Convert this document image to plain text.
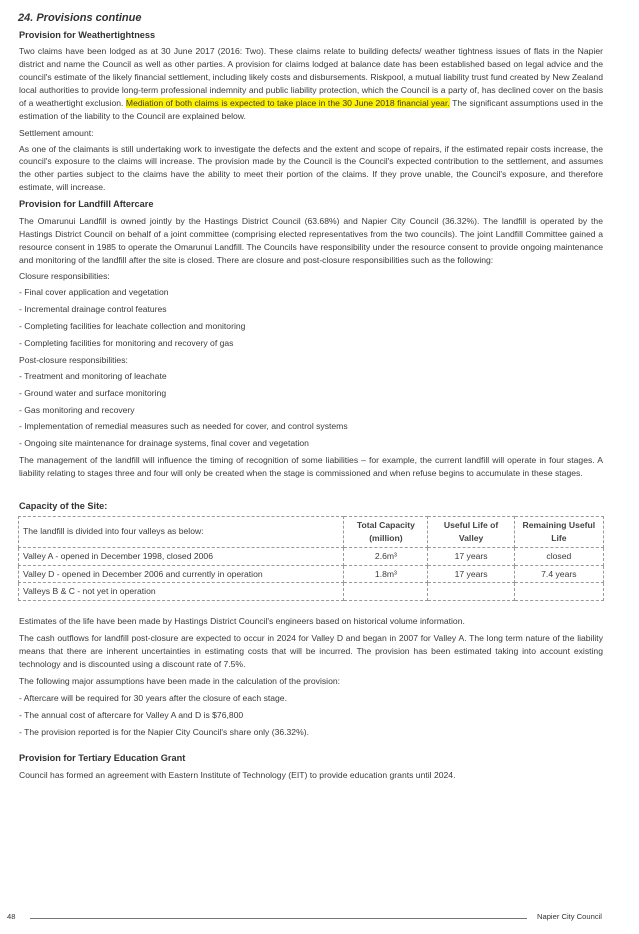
24. Provisions continue
Provision for Weathertightness

Two claims have been lodged as at 30 June 2017 (2016: Two). These claims relate to building defects/ weather tightness issues of flats in the Napier district and name the Council as well as other parties. A provision for claims lodged at balance date has been established based on legal advice and the council's estimate of the likely financial settlement, including likely costs and disbursements. Riskpool, a mutual liability trust fund created by New Zealand local authorities to provide long-term professional indemnity and public liability protection, which the Council is a party of, has declined cover on the basis of a weathertight exclusion. Mediation of both claims is expected to take place in the 30 June 2018 financial year. The significant assumptions used in the estimation of the liability to the Council are explained below.

Settlement amount:

As one of the claimants is still undertaking work to investigate the defects and the extent and scope of repairs, if the estimated repair costs increase, the council's exposure to the claims will increase. The provision made by the Council is the Council's expected contribution to the settlement, and assumes the other parties subject to the claims have the ability to meet their portion of the claims. If they prove unable, the Council's exposure, and therefore estimate, will increase.

Provision for Landfill Aftercare

The Omarunui Landfill is owned jointly by the Hastings District Council (63.68%) and Napier City Council (36.32%). The landfill is operated by the Hastings District Council on behalf of a joint committee (comprising elected representatives from the two councils). The joint Landfill Committee gained a resource consent in 1985 to operate the Omarunui Landfill. The Councils have responsibility under the resource consent to provide ongoing maintenance and monitoring of the landfill after the site is closed. There are closure and post-closure responsibilities such as the following:

Closure responsibilities:
- Final cover application and vegetation
- Incremental drainage control features
- Completing facilities for leachate collection and monitoring
- Completing facilities for monitoring and recovery of gas
Post-closure responsibilities:
- Treatment and monitoring of leachate
- Ground water and surface monitoring
- Gas monitoring and recovery
- Implementation of remedial measures such as needed for cover, and control systems
- Ongoing site maintenance for drainage systems, final cover and vegetation

The management of the landfill will influence the timing of recognition of some liabilities – for example, the current landfill will operate in four stages. A liability relating to stages three and four will only be created when the stage is commissioned and when refuse begins to accumulate in these stages.

Capacity of the Site:
The landfill is divided into four valleys as below:	Total Capacity (million)	Useful Life of Valley	Remaining Useful Life
Valley A - opened in December 1998, closed 2006	2.6m³	17 years	closed
Valley D - opened in December 2006 and currently in operation	1.8m³	17 years	7.4 years
Valleys B & C - not yet in operation			

Estimates of the life have been made by Hastings District Council's engineers based on historical volume information.

The cash outflows for landfill post-closure are expected to occur in 2024 for Valley D and began in 2007 for Valley A. The long term nature of the liability means that there are inherent uncertainties in estimating costs that will be incurred. The provision has been estimated taking into account existing technology and is discounted using a discount rate of 7.5%.

The following major assumptions have been made in the calculation of the provision:

- Aftercare will be required for 30 years after the closure of each stage.
- The annual cost of aftercare for Valley A and D is $76,800
- The provision reported is for the Napier City Council's share only (36.32%).
Provision for Tertiary Education Grant

Council has formed an agreement with Eastern Institute of Technology (EIT) to provide education grants until 2024.

48	Napier City Council
